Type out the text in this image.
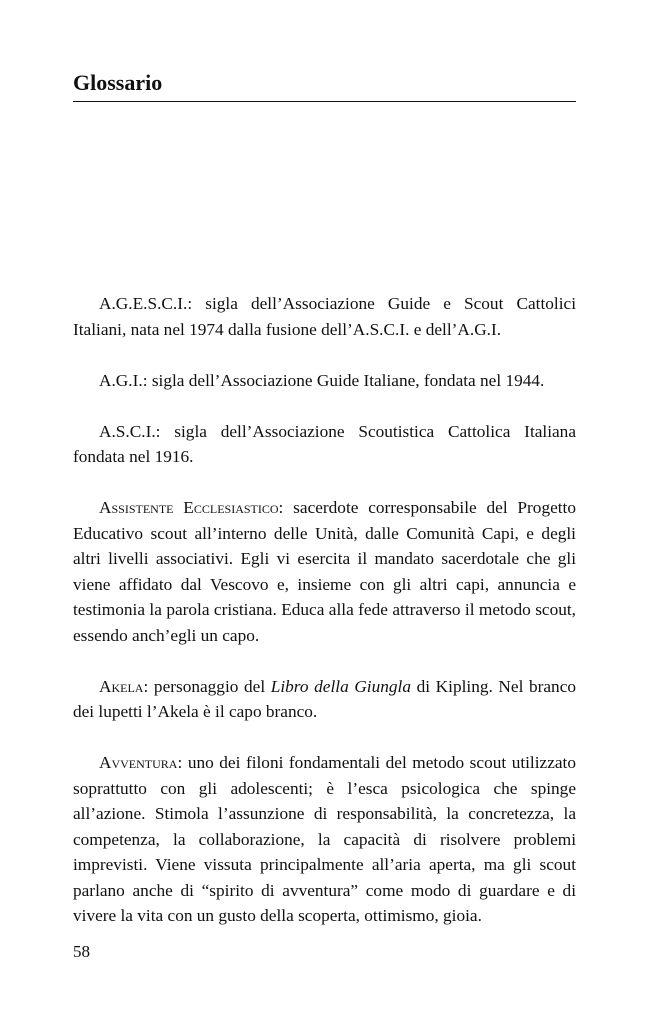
Glossario

A.G.E.S.C.I.: sigla dell’Associazione Guide e Scout Cattolici Italiani, nata nel 1974 dalla fusione dell’A.S.C.I. e dell’A.G.I.

A.G.I.: sigla dell’Associazione Guide Italiane, fondata nel 1944.

A.S.C.I.: sigla dell’Associazione Scoutistica Cattolica Italiana fondata nel 1916.

Assistente Ecclesiastico: sacerdote corresponsabile del Progetto Educativo scout all’interno delle Unità, dalle Comunità Capi, e degli altri livelli associativi. Egli vi esercita il mandato sacerdotale che gli viene affidato dal Vescovo e, insieme con gli altri capi, annuncia e testimonia la parola cristiana. Educa alla fede attraverso il metodo scout, essendo anch’egli un capo.

Akela: personaggio del Libro della Giungla di Kipling. Nel branco dei lupetti l’Akela è il capo branco.

Avventura: uno dei filoni fondamentali del metodo scout utilizzato soprattutto con gli adolescenti; è l’esca psicologica che spinge all’azione. Stimola l’assunzione di responsabilità, la concretezza, la competenza, la collaborazione, la capacità di risolvere problemi imprevisti. Viene vissuta principalmente all’aria aperta, ma gli scout parlano anche di “spirito di avventura” come modo di guardare e di vivere la vita con un gusto della scoperta, ottimismo, gioia.

58
